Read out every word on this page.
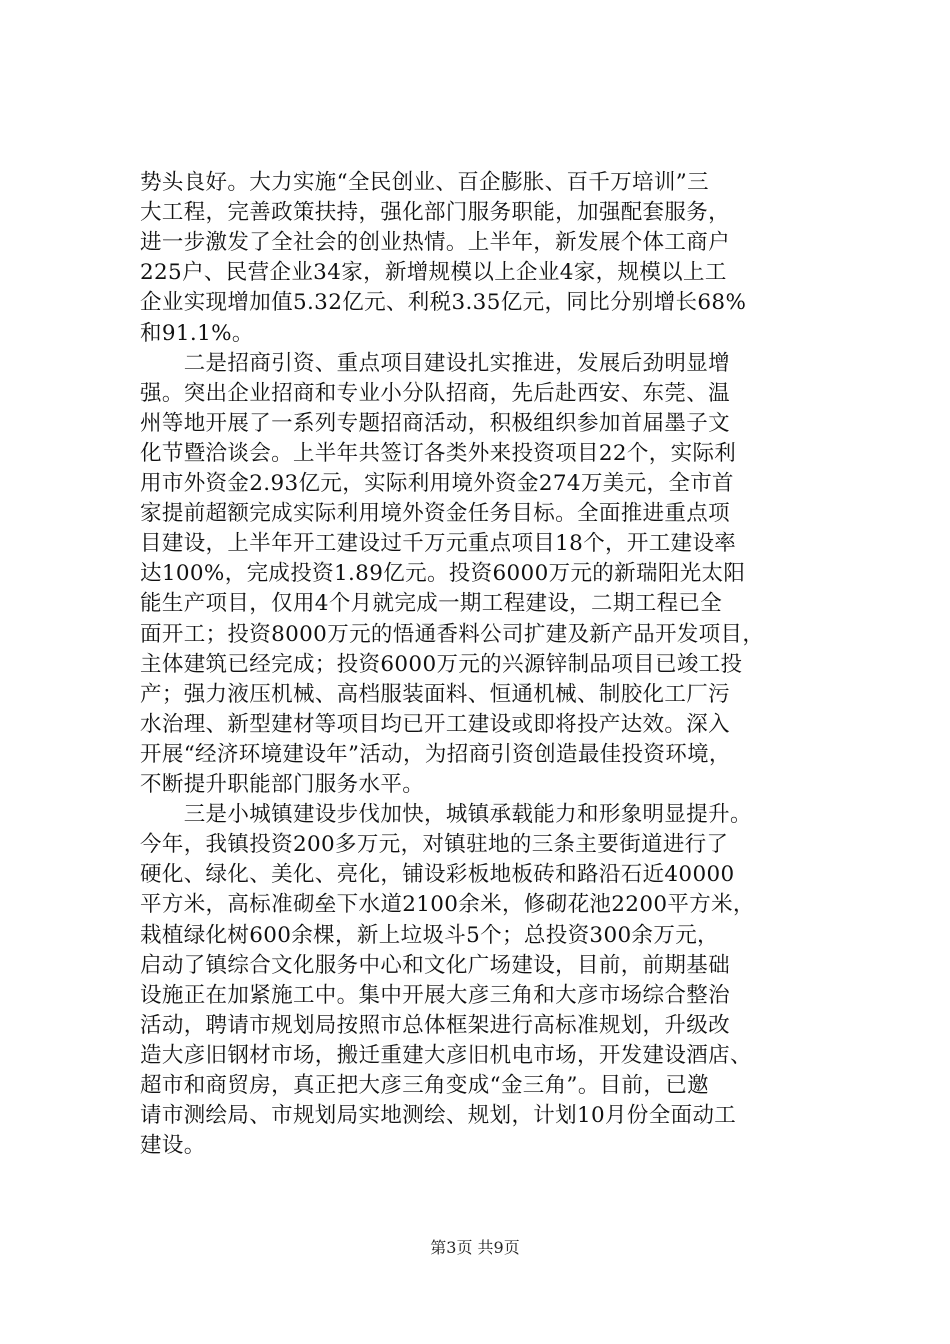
势头良好。大力实施“全民创业、百企膨胀、百千万培训”三
大工程，完善政策扶持，强化部门服务职能，加强配套服务，
进一步激发了全社会的创业热情。上半年，新发展个体工商户
225户、民营企业34家，新增规模以上企业4家，规模以上工
企业实现增加值5.32亿元、利税3.35亿元，同比分别增长68%
和91.1%。
　　二是招商引资、重点项目建设扎实推进，发展后劲明显增
强。突出企业招商和专业小分队招商，先后赴西安、东莞、温
州等地开展了一系列专题招商活动，积极组织参加首届墨子文
化节暨洽谈会。上半年共签订各类外来投资项目22个，实际利
用市外资金2.93亿元，实际利用境外资金274万美元，全市首
家提前超额完成实际利用境外资金任务目标。全面推进重点项
目建设，上半年开工建设过千万元重点项目18个，开工建设率
达100%，完成投资1.89亿元。投资6000万元的新瑞阳光太阳
能生产项目，仅用4个月就完成一期工程建设，二期工程已全
面开工；投资8000万元的悟通香料公司扩建及新产品开发项目，
主体建筑已经完成；投资6000万元的兴源锌制品项目已竣工投
产；强力液压机械、高档服装面料、恒通机械、制胶化工厂污
水治理、新型建材等项目均已开工建设或即将投产达效。深入
开展“经济环境建设年”活动，为招商引资创造最佳投资环境，
不断提升职能部门服务水平。
　　三是小城镇建设步伐加快，城镇承载能力和形象明显提升。
今年，我镇投资200多万元，对镇驻地的三条主要街道进行了
硬化、绿化、美化、亮化，铺设彩板地板砖和路沿石近40000
平方米，高标准砌垒下水道2100余米，修砌花池2200平方米，
栽植绿化树600余棵，新上垃圾斗5个；总投资300余万元，
启动了镇综合文化服务中心和文化广场建设，目前，前期基础
设施正在加紧施工中。集中开展大彦三角和大彦市场综合整治
活动，聘请市规划局按照市总体框架进行高标准规划，升级改
造大彦旧钢材市场，搬迁重建大彦旧机电市场，开发建设酒店、
超市和商贸房，真正把大彦三角变成“金三角”。目前，已邀
请市测绘局、市规划局实地测绘、规划，计划10月份全面动工
建设。
第3页 共9页
